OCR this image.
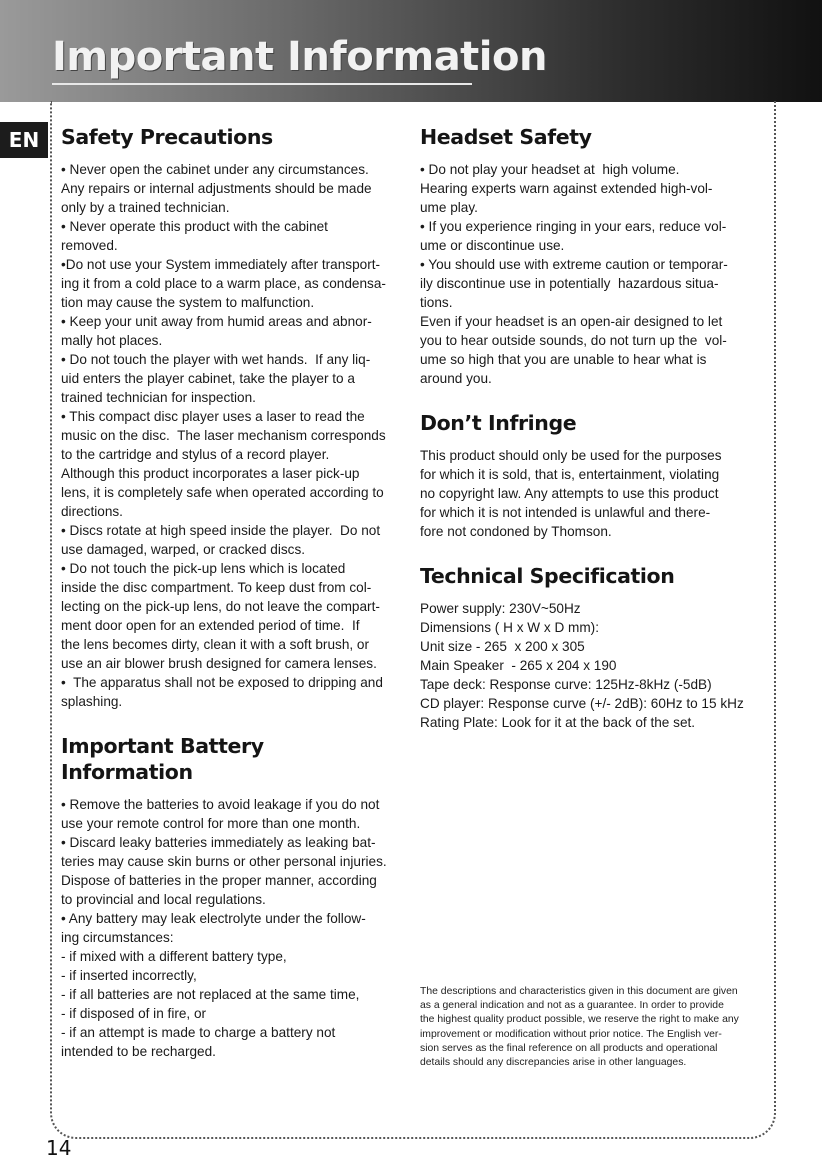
Important Information
EN	Safety Precautions
• Never open the cabinet under any circumstances.
Any repairs or internal adjustments should be made
only by a trained technician.
• Never operate this product with the cabinet
removed.
•Do not use your System immediately after transport-
ing it from a cold place to a warm place, as condensa-
tion may cause the system to malfunction.
• Keep your unit away from humid areas and abnor-
mally hot places.
• Do not touch the player with wet hands.  If any liq-
uid enters the player cabinet, take the player to a
trained technician for inspection.
• This compact disc player uses a laser to read the
music on the disc.  The laser mechanism corresponds
to the cartridge and stylus of a record player.
Although this product incorporates a laser pick-up
lens, it is completely safe when operated according to
directions.
• Discs rotate at high speed inside the player.  Do not
use damaged, warped, or cracked discs.
• Do not touch the pick-up lens which is located
inside the disc compartment. To keep dust from col-
lecting on the pick-up lens, do not leave the compart-
ment door open for an extended period of time.  If
the lens becomes dirty, clean it with a soft brush, or
use an air blower brush designed for camera lenses.
•  The apparatus shall not be exposed to dripping and
splashing.
Important Battery Information
• Remove the batteries to avoid leakage if you do not
use your remote control for more than one month.
• Discard leaky batteries immediately as leaking bat-
teries may cause skin burns or other personal injuries.
Dispose of batteries in the proper manner, according
to provincial and local regulations.
• Any battery may leak electrolyte under the follow-
ing circumstances:
- if mixed with a different battery type,
- if inserted incorrectly,
- if all batteries are not replaced at the same time,
- if disposed of in fire, or
- if an attempt is made to charge a battery not
intended to be recharged.
Headset Safety
• Do not play your headset at  high volume.
Hearing experts warn against extended high-vol-
ume play.
• If you experience ringing in your ears, reduce vol-
ume or discontinue use.
• You should use with extreme caution or temporar-
ily discontinue use in potentially  hazardous situa-
tions.
Even if your headset is an open-air designed to let
you to hear outside sounds, do not turn up the  vol-
ume so high that you are unable to hear what is
around you.
Don’t Infringe
This product should only be used for the purposes
for which it is sold, that is, entertainment, violating
no copyright law. Any attempts to use this product
for which it is not intended is unlawful and there-
fore not condoned by Thomson.
Technical Specification
Power supply: 230V~50Hz
Dimensions ( H x W x D mm):
Unit size - 265  x 200 x 305
Main Speaker  - 265 x 204 x 190
Tape deck: Response curve: 125Hz-8kHz (-5dB)
CD player: Response curve (+/- 2dB): 60Hz to 15 kHz
Rating Plate: Look for it at the back of the set.
The descriptions and characteristics given in this document are given
as a general indication and not as a guarantee. In order to provide
the highest quality product possible, we reserve the right to make any
improvement or modification without prior notice. The English ver-
sion serves as the final reference on all products and operational
details should any discrepancies arise in other languages.
14
